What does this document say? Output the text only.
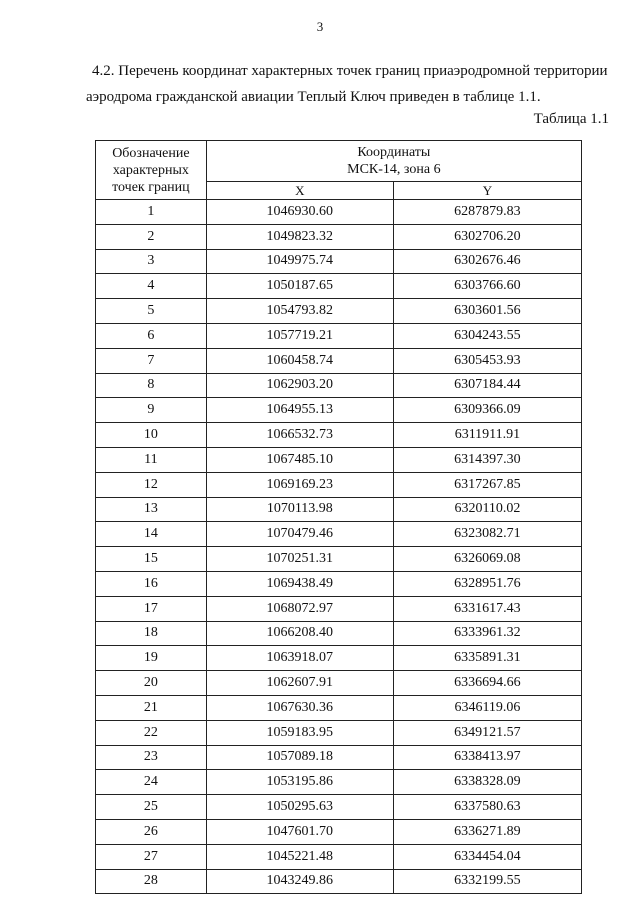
3

4.2. Перечень координат характерных точек границ приаэродромной территории
аэродрома гражданской авиации Теплый Ключ приведен в таблице 1.1.

Таблица 1.1
Обозначение характерных точек границ	Координаты
МСК-14, зона 6	

	X	Y
1	1046930.60	6287879.83
2	1049823.32	6302706.20
3	1049975.74	6302676.46
4	1050187.65	6303766.60
5	1054793.82	6303601.56
6	1057719.21	6304243.55
7	1060458.74	6305453.93
8	1062903.20	6307184.44
9	1064955.13	6309366.09
10	1066532.73	6311911.91
11	1067485.10	6314397.30
12	1069169.23	6317267.85
13	1070113.98	6320110.02
14	1070479.46	6323082.71
15	1070251.31	6326069.08
16	1069438.49	6328951.76
17	1068072.97	6331617.43
18	1066208.40	6333961.32
19	1063918.07	6335891.31
20	1062607.91	6336694.66
21	1067630.36	6346119.06
22	1059183.95	6349121.57
23	1057089.18	6338413.97
24	1053195.86	6338328.09
25	1050295.63	6337580.63
26	1047601.70	6336271.89
27	1045221.48	6334454.04
28	1043249.86	6332199.55
